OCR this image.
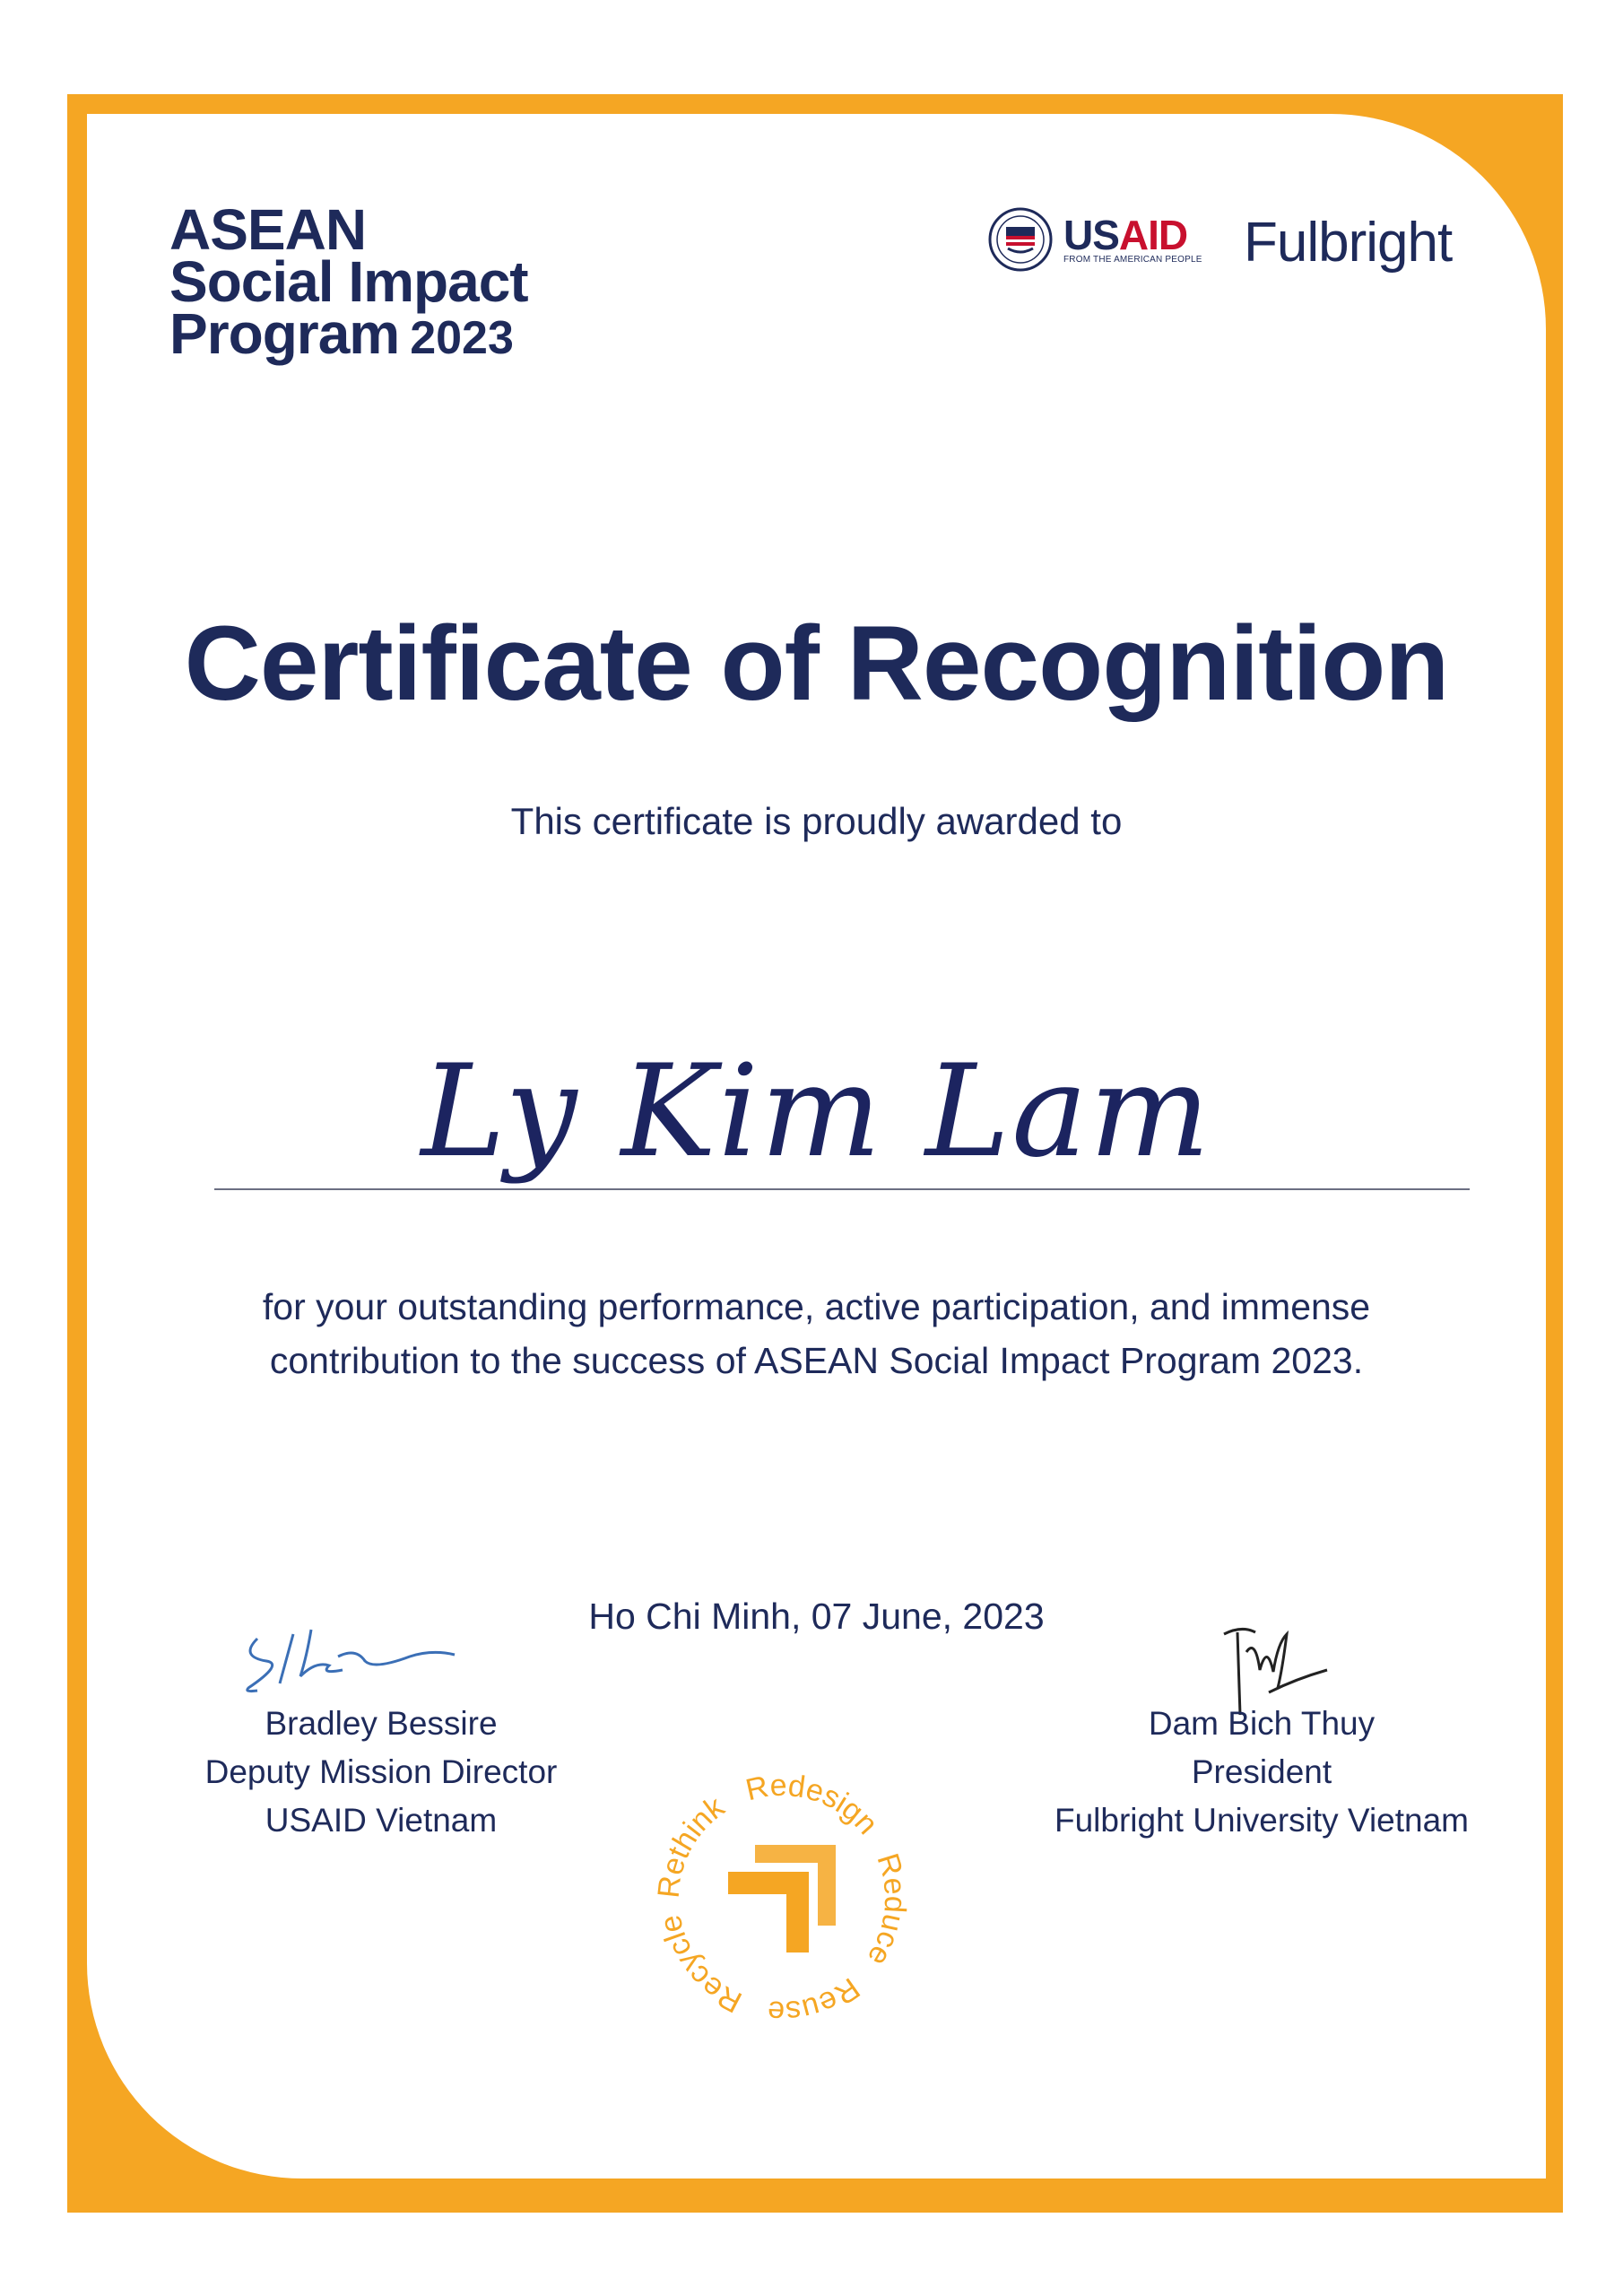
ASEAN
Social Impact
Program 2023
USAID
FROM THE AMERICAN PEOPLE Fulbright
Certificate of Recognition
This certificate is proudly awarded to
Ly Kim Lam
for your outstanding performance, active participation, and immense
contribution to the success of ASEAN Social Impact Program 2023.
Ho Chi Minh, 07 June, 2023
Bradley Bessire
Deputy Mission Director
USAID Vietnam
Dam Bich Thuy
President
Fulbright University Vietnam
Rethink Redesign Reduce Reuse Recycle
